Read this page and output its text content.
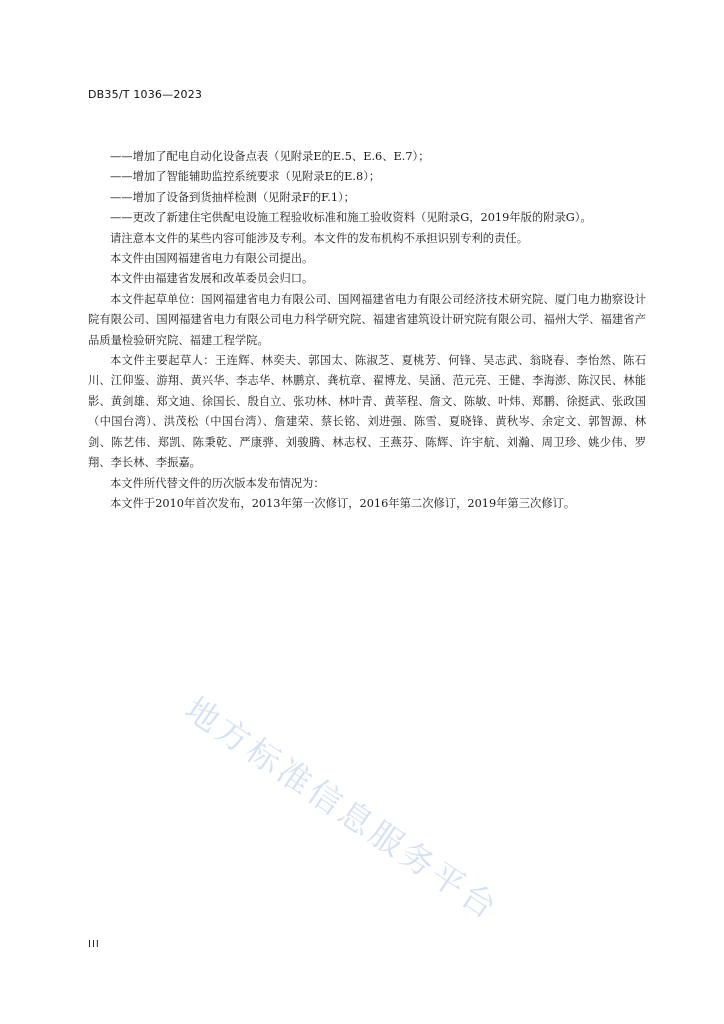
DB35/T 1036—2023

——增加了配电自动化设备点表（见附录E的E.5、E.6、E.7）；

——增加了智能辅助监控系统要求（见附录E的E.8）；

——增加了设备到货抽样检测（见附录F的F.1）；

——更改了新建住宅供配电设施工程验收标准和施工验收资料（见附录G，2019年版的附录G）。

请注意本文件的某些内容可能涉及专利。本文件的发布机构不承担识别专利的责任。

本文件由国网福建省电力有限公司提出。

本文件由福建省发展和改革委员会归口。

本文件起草单位：国网福建省电力有限公司、国网福建省电力有限公司经济技术研究院、厦门电力勘察设计院有限公司、国网福建省电力有限公司电力科学研究院、福建省建筑设计研究院有限公司、福州大学、福建省产品质量检验研究院、福建工程学院。

本文件主要起草人：王连辉、林奕夫、郭国太、陈淑芝、夏桃芳、何锋、吴志武、翁晓春、李怡然、陈石川、江仰鉴、游翔、黄兴华、李志华、林鹏京、龚杭章、翟博龙、吴涵、范元亮、王健、李海澎、陈汉民、林能影、黄剑雄、郑文迪、徐国长、殷自立、张功林、林叶青、黄莘程、詹文、陈敏、叶炜、郑鹏、徐挺武、张政国（中国台湾）、洪茂松（中国台湾）、詹建荣、蔡长铭、刘进强、陈雪、夏晓锋、黄秋岑、余定文、郭智源、林剑、陈艺伟、郑凯、陈秉乾、严康骅、刘骏腾、林志权、王燕芬、陈辉、许宇航、刘瀚、周卫珍、姚少伟、罗翔、李长林、李振嘉。

本文件所代替文件的历次版本发布情况为：

本文件于2010年首次发布，2013年第一次修订，2016年第二次修订，2019年第三次修订。

地方标准信息服务平台
III
